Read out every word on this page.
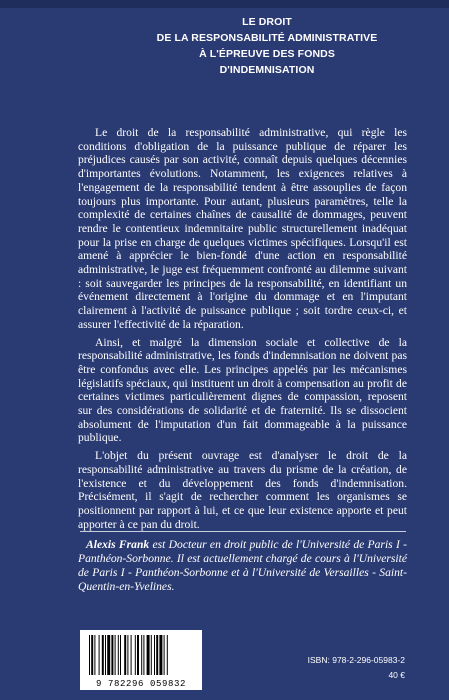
LE DROIT
DE LA RESPONSABILITÉ ADMINISTRATIVE
À L'ÉPREUVE DES FONDS
D'INDEMNISATION

Le droit de la responsabilité administrative, qui règle les conditions d'obligation de la puissance publique de réparer les préjudices causés par son activité, connaît depuis quelques décennies d'importantes évolutions. Notamment, les exigences relatives à l'engagement de la responsabilité tendent à être assouplies de façon toujours plus importante. Pour autant, plusieurs paramètres, telle la complexité de certaines chaînes de causalité de dommages, peuvent rendre le contentieux indemnitaire public structurellement inadéquat pour la prise en charge de quelques victimes spécifiques. Lorsqu'il est amené à apprécier le bien-fondé d'une action en responsabilité administrative, le juge est fréquemment confronté au dilemme suivant : soit sauvegarder les principes de la responsabilité, en identifiant un événement directement à l'origine du dommage et en l'imputant clairement à l'activité de puissance publique ; soit tordre ceux-ci, et assurer l'effectivité de la réparation.

Ainsi, et malgré la dimension sociale et collective de la responsabilité administrative, les fonds d'indemnisation ne doivent pas être confondus avec elle. Les principes appelés par les mécanismes législatifs spéciaux, qui instituent un droit à compensation au profit de certaines victimes particulièrement dignes de compassion, reposent sur des considérations de solidarité et de fraternité. Ils se dissocient absolument de l'imputation d'un fait dommageable à la puissance publique.

L'objet du présent ouvrage est d'analyser le droit de la responsabilité administrative au travers du prisme de la création, de l'existence et du développement des fonds d'indemnisation. Précisément, il s'agit de rechercher comment les organismes se positionnent par rapport à lui, et ce que leur existence apporte et peut apporter à ce pan du droit.

Alexis Frank est Docteur en droit public de l'Université de Paris I - Panthéon-Sorbonne. Il est actuellement chargé de cours à l'Université de Paris I - Panthéon-Sorbonne et à l'Université de Versailles - Saint-Quentin-en-Yvelines.
9 782296 059832
ISBN: 978-2-296-05983-2
40 €
